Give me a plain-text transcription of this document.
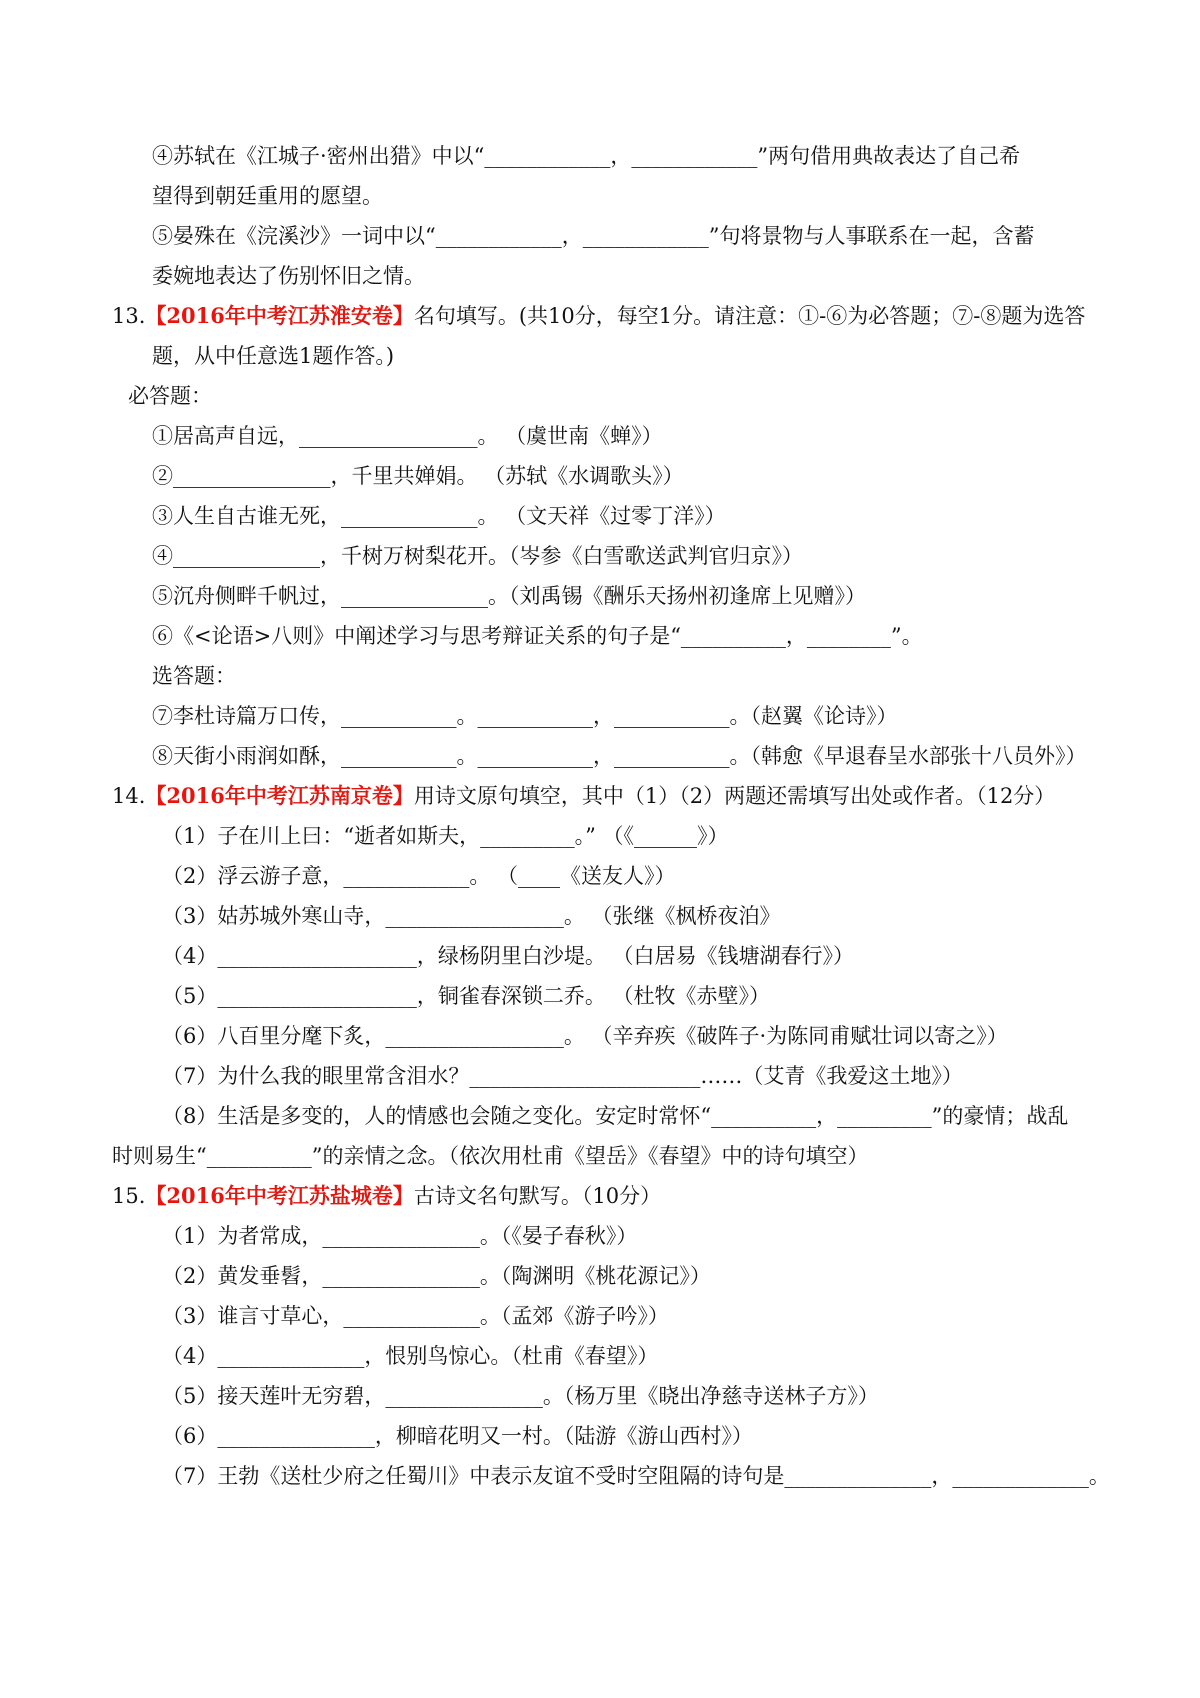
④苏轼在《江城子·密州出猎》中以“____________，____________”两句借用典故表达了自己希
望得到朝廷重用的愿望。
⑤晏殊在《浣溪沙》一词中以“____________，____________”句将景物与人事联系在一起，含蓄
委婉地表达了伤别怀旧之情。
13.【2016年中考江苏淮安卷】名句填写。(共10分，每空1分。请注意：①-⑥为必答题；⑦-⑧题为选答
题，从中任意选1题作答。)
必答题：
①居高声自远，_________________。 （虞世南《蝉》）
②_______________，千里共婵娟。 （苏轼《水调歌头》）
③人生自古谁无死，_____________。 （文天祥《过零丁洋》）
④______________，千树万树梨花开。（岑参《白雪歌送武判官归京》）
⑤沉舟侧畔千帆过，______________。（刘禹锡《酬乐天扬州初逢席上见赠》）
⑥《<论语>八则》中阐述学习与思考辩证关系的句子是“__________，________”。
选答题：
⑦李杜诗篇万口传，___________。___________，___________。（赵翼《论诗》）
⑧天街小雨润如酥，___________。___________，___________。（韩愈《早退春呈水部张十八员外》）
14.【2016年中考江苏南京卷】用诗文原句填空，其中（1）（2）两题还需填写出处或作者。（12分）
（1）子在川上曰：“逝者如斯夫，_________。” （《______》）
（2）浮云游子意，____________。 （____《送友人》）
（3）姑苏城外寒山寺，_________________。 （张继《枫桥夜泊》
（4）___________________，绿杨阴里白沙堤。 （白居易《钱塘湖春行》）
（5）___________________，铜雀春深锁二乔。 （杜牧《赤壁》）
（6）八百里分麾下炙，_________________。 （辛弃疾《破阵子·为陈同甫赋壮词以寄之》）
（7）为什么我的眼里常含泪水？______________________……（艾青《我爱这土地》）
（8）生活是多变的，人的情感也会随之变化。安定时常怀“__________，_________”的豪情；战乱
时则易生“__________”的亲情之念。（依次用杜甫《望岳》《春望》中的诗句填空）
15.【2016年中考江苏盐城卷】古诗文名句默写。（10分）
（1）为者常成，_______________。（《晏子春秋》）
（2）黄发垂髫，_______________。（陶渊明《桃花源记》）
（3）谁言寸草心，_____________。（孟郊《游子吟》）
（4）______________，恨别鸟惊心。（杜甫《春望》）
（5）接天莲叶无穷碧，_______________。（杨万里《晓出净慈寺送林子方》）
（6）_______________，柳暗花明又一村。（陆游《游山西村》）
（7）王勃《送杜少府之任蜀川》中表示友谊不受时空阻隔的诗句是______________，_____________。
